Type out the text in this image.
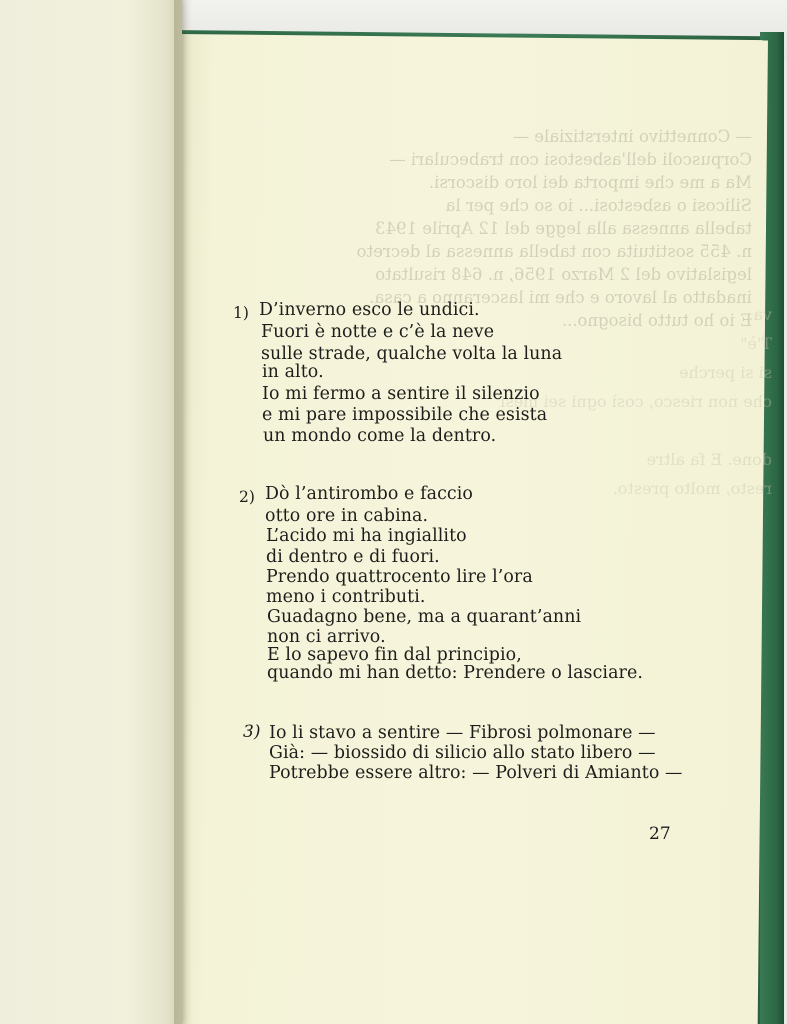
— Connettivo interstiziale —
Corpuscoli dell'asbestosi con trabeculari —
Ma a me che importa dei loro discorsi.
Silicosi o asbestosi... io so che per la
tabella annessa alla legge del 12 Aprile 1943
n. 455 sostituita con tabella annessa al decreto
legislativo del 2 Marzo 1956, n. 648 risultato
inadatto al lavoro e che mi lasceranno a casa.
E io ho tutto bisogno...	va.
T'è"
si si perche
che non riesco, così ogni sei mesi

done. E fa altre
resto, molto presto.
1) D’inverno esco le undici.
Fuori è notte e c’è la neve
sulle strade, qualche volta la luna
in alto.
Io mi fermo a sentire il silenzio
e mi pare impossibile che esista
un mondo come la dentro.
2) Dò l’antirombo e faccio
otto ore in cabina.
L’acido mi ha ingiallito
di dentro e di fuori.
Prendo quattrocento lire l’ora
meno i contributi.
Guadagno bene, ma a quarant’anni
non ci arrivo.
E lo sapevo fin dal principio,
quando mi han detto: Prendere o lasciare.
3) Io li stavo a sentire — Fibrosi polmonare —
Già: — biossido di silicio allo stato libero —
Potrebbe essere altro: — Polveri di Amianto —
27
